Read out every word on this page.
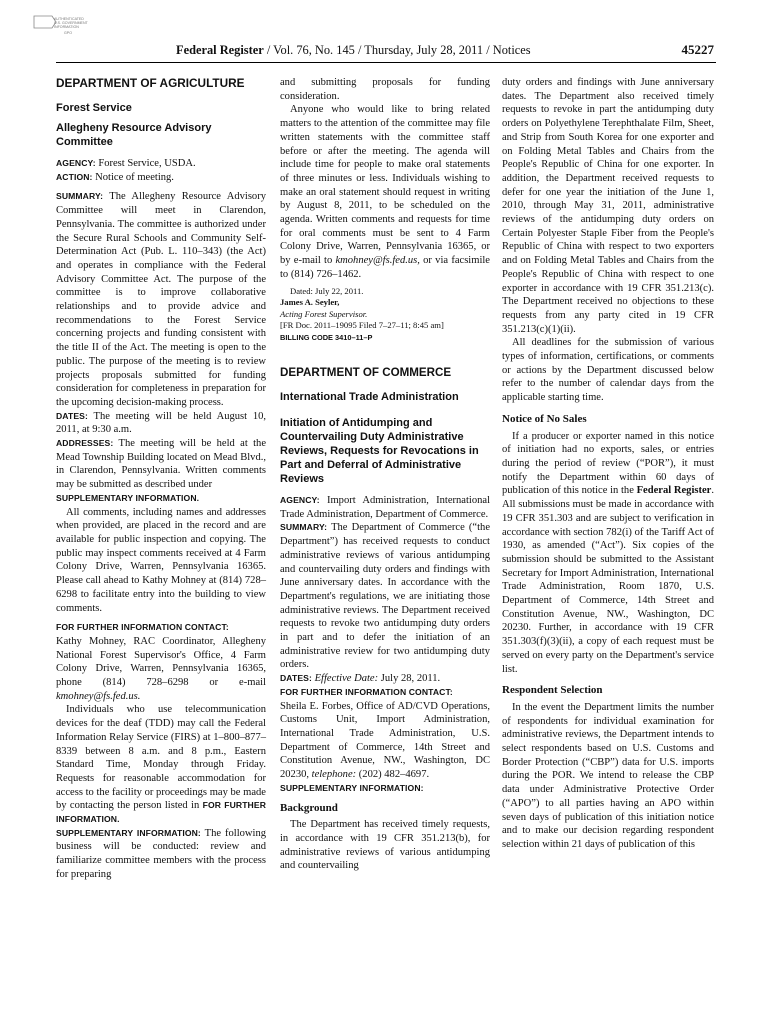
AUTHENTICATED
U.S. GOVERNMENT
INFORMATION
GPO
Federal Register / Vol. 76, No. 145 / Thursday, July 28, 2011 / Notices	45227
DEPARTMENT OF AGRICULTURE
Forest Service
Allegheny Resource Advisory Committee

AGENCY: Forest Service, USDA.

ACTION: Notice of meeting.

SUMMARY: The Allegheny Resource Advisory Committee will meet in Clarendon, Pennsylvania. The committee is authorized under the Secure Rural Schools and Community Self-Determination Act (Pub. L. 110–343) (the Act) and operates in compliance with the Federal Advisory Committee Act. The purpose of the committee is to improve collaborative relationships and to provide advice and recommendations to the Forest Service concerning projects and funding consistent with the title II of the Act. The meeting is open to the public. The purpose of the meeting is to review projects proposals submitted for funding consideration for completeness in preparation for the upcoming decision-making process.

DATES: The meeting will be held August 10, 2011, at 9:30 a.m.

ADDRESSES: The meeting will be held at the Mead Township Building located on Mead Blvd., in Clarendon, Pennsylvania. Written comments may be submitted as described under

SUPPLEMENTARY INFORMATION.

All comments, including names and addresses when provided, are placed in the record and are available for public inspection and copying. The public may inspect comments received at 4 Farm Colony Drive, Warren, Pennsylvania 16365. Please call ahead to Kathy Mohney at (814) 728–6298 to facilitate entry into the building to view comments.

FOR FURTHER INFORMATION CONTACT:

Kathy Mohney, RAC Coordinator, Allegheny National Forest Supervisor's Office, 4 Farm Colony Drive, Warren, Pennsylvania 16365, phone (814) 728–6298 or e-mail kmohney@fs.fed.us.

Individuals who use telecommunication devices for the deaf (TDD) may call the Federal Information Relay Service (FIRS) at 1–800–877–8339 between 8 a.m. and 8 p.m., Eastern Standard Time, Monday through Friday. Requests for reasonable accommodation for access to the facility or proceedings may be made by contacting the person listed in FOR FURTHER INFORMATION.

SUPPLEMENTARY INFORMATION: The following business will be conducted: review and familiarize committee members with the process for preparing

and submitting proposals for funding consideration.

Anyone who would like to bring related matters to the attention of the committee may file written statements with the committee staff before or after the meeting. The agenda will include time for people to make oral statements of three minutes or less. Individuals wishing to make an oral statement should request in writing by August 8, 2011, to be scheduled on the agenda. Written comments and requests for time for oral comments must be sent to 4 Farm Colony Drive, Warren, Pennsylvania 16365, or by e-mail to kmohney@fs.fed.us, or via facsimile to (814) 726–1462.

Dated: July 22, 2011.

James A. Seyler,

Acting Forest Supervisor.

[FR Doc. 2011–19095 Filed 7–27–11; 8:45 am]

BILLING CODE 3410–11–P

DEPARTMENT OF COMMERCE
International Trade Administration
Initiation of Antidumping and Countervailing Duty Administrative Reviews, Requests for Revocations in Part and Deferral of Administrative Reviews

AGENCY: Import Administration, International Trade Administration, Department of Commerce.

SUMMARY: The Department of Commerce (“the Department”) has received requests to conduct administrative reviews of various antidumping and countervailing duty orders and findings with June anniversary dates. In accordance with the Department's regulations, we are initiating those administrative reviews. The Department received requests to revoke two antidumping duty orders in part and to defer the initiation of an administrative review for two antidumping duty orders.

DATES: Effective Date: July 28, 2011.

FOR FURTHER INFORMATION CONTACT:

Sheila E. Forbes, Office of AD/CVD Operations, Customs Unit, Import Administration, International Trade Administration, U.S. Department of Commerce, 14th Street and Constitution Avenue, NW., Washington, DC 20230, telephone: (202) 482–4697.

SUPPLEMENTARY INFORMATION:

Background

The Department has received timely requests, in accordance with 19 CFR 351.213(b), for administrative reviews of various antidumping and countervailing

duty orders and findings with June anniversary dates. The Department also received timely requests to revoke in part the antidumping duty orders on Polyethylene Terephthalate Film, Sheet, and Strip from South Korea for one exporter and on Folding Metal Tables and Chairs from the People's Republic of China for one exporter. In addition, the Department received requests to defer for one year the initiation of the June 1, 2010, through May 31, 2011, administrative reviews of the antidumping duty orders on Certain Polyester Staple Fiber from the People's Republic of China with respect to two exporters and on Folding Metal Tables and Chairs from the People's Republic of China with respect to one exporter in accordance with 19 CFR 351.213(c). The Department received no objections to these requests from any party cited in 19 CFR 351.213(c)(1)(ii).

All deadlines for the submission of various types of information, certifications, or comments or actions by the Department discussed below refer to the number of calendar days from the applicable starting time.

Notice of No Sales

If a producer or exporter named in this notice of initiation had no exports, sales, or entries during the period of review (“POR”), it must notify the Department within 60 days of publication of this notice in the Federal Register. All submissions must be made in accordance with 19 CFR 351.303 and are subject to verification in accordance with section 782(i) of the Tariff Act of 1930, as amended (“Act”). Six copies of the submission should be submitted to the Assistant Secretary for Import Administration, International Trade Administration, Room 1870, U.S. Department of Commerce, 14th Street and Constitution Avenue, NW., Washington, DC 20230. Further, in accordance with 19 CFR 351.303(f)(3)(ii), a copy of each request must be served on every party on the Department's service list.

Respondent Selection

In the event the Department limits the number of respondents for individual examination for administrative reviews, the Department intends to select respondents based on U.S. Customs and Border Protection (“CBP”) data for U.S. imports during the POR. We intend to release the CBP data under Administrative Protective Order (“APO”) to all parties having an APO within seven days of publication of this initiation notice and to make our decision regarding respondent selection within 21 days of publication of this
